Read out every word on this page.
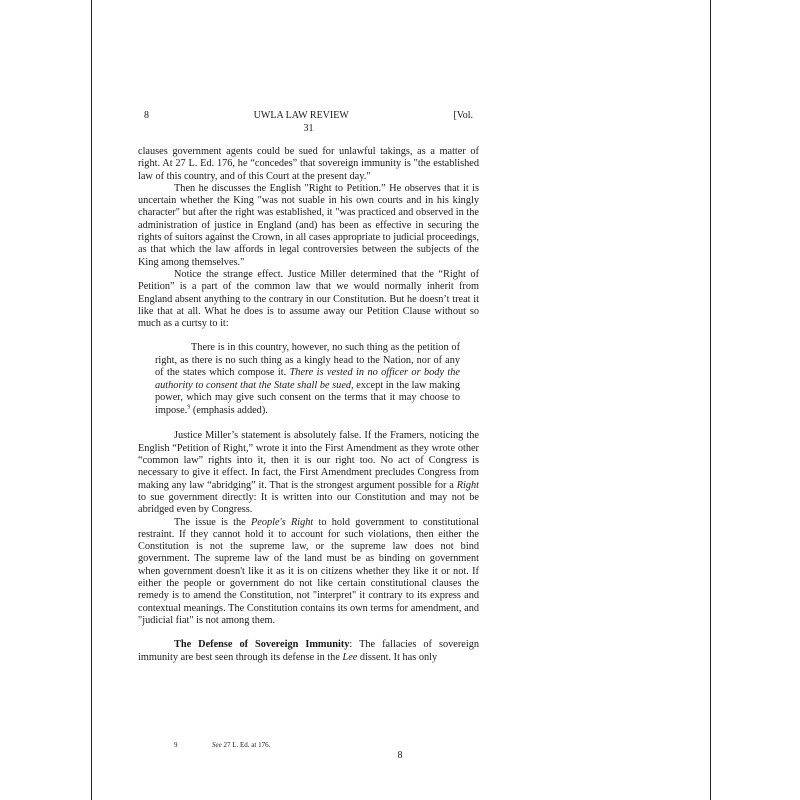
8	UWLA LAW REVIEW	[Vol.
31

clauses government agents could be sued for unlawful takings, as a matter of right. At 27 L. Ed. 176, he “concedes” that sovereign immunity is "the established law of this country, and of this Court at the present day."

Then he discusses the English "Right to Petition.” He observes that it is uncertain whether the King "was not suable in his own courts and in his kingly character" but after the right was established, it "was practiced and observed in the administration of justice in England (and) has been as effective in securing the rights of suitors against the Crown, in all cases appropriate to judicial proceedings, as that which the law affords in legal controversies between the subjects of the King among themselves."

Notice the strange effect. Justice Miller determined that the “Right of Petition” is a part of the common law that we would normally inherit from England absent anything to the contrary in our Constitution. But he doesn’t treat it like that at all. What he does is to assume away our Petition Clause without so much as a curtsy to it:

There is in this country, however, no such thing as the petition of right, as there is no such thing as a kingly head to the Nation, nor of any of the states which compose it. There is vested in no officer or body the authority to consent that the State shall be sued, except in the law making power, which may give such consent on the terms that it may choose to impose.$^9$ (emphasis added).

Justice Miller’s statement is absolutely false. If the Framers, noticing the English “Petition of Right,” wrote it into the First Amendment as they wrote other “common law” rights into it, then it is our right too. No act of Congress is necessary to give it effect. In fact, the First Amendment precludes Congress from making any law “abridging” it. That is the strongest argument possible for a Right to sue government directly: It is written into our Constitution and may not be abridged even by Congress.

The issue is the People's Right to hold government to constitutional restraint. If they cannot hold it to account for such violations, then either the Constitution is not the supreme law, or the supreme law does not bind government. The supreme law of the land must be as binding on government when government doesn't like it as it is on citizens whether they like it or not. If either the people or government do not like certain constitutional clauses the remedy is to amend the Constitution, not "interpret" it contrary to its express and contextual meanings. The Constitution contains its own terms for amendment, and "judicial fiat" is not among them.

The Defense of Sovereign Immunity: The fallacies of sovereign immunity are best seen through its defense in the Lee dissent. It has only

9	See 27 L. Ed. at 176.
8
